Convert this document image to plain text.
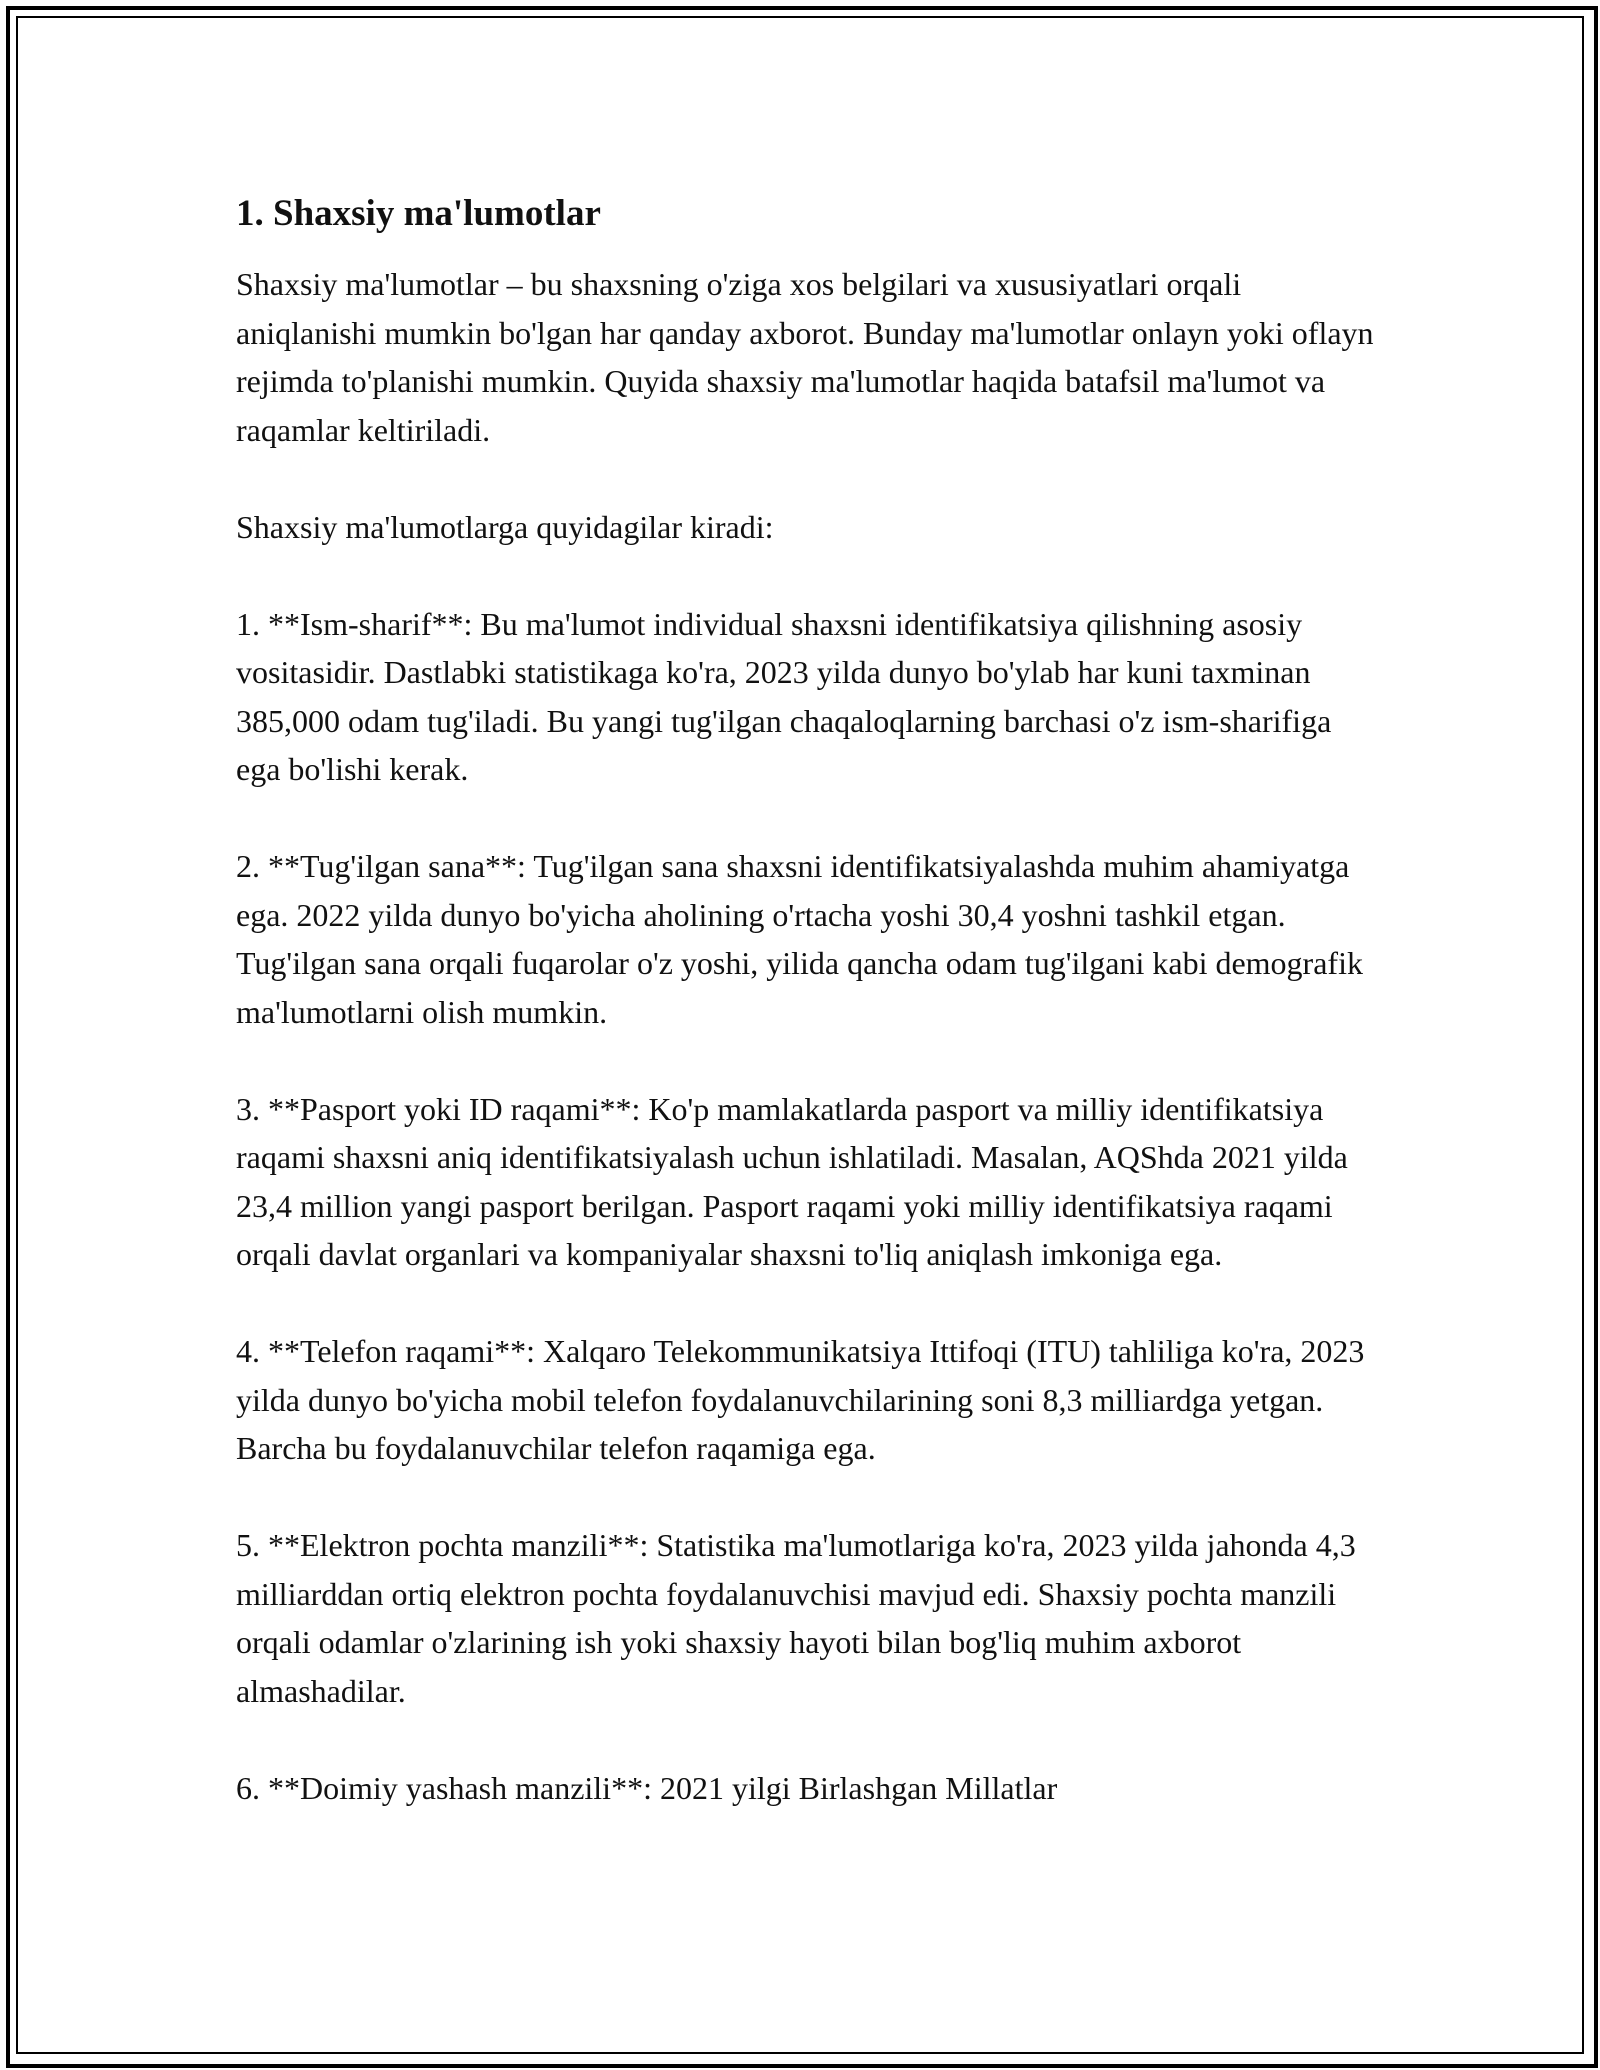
1. Shaxsiy ma'lumotlar

Shaxsiy ma'lumotlar – bu shaxsning o'ziga xos belgilari va xususiyatlari orqali aniqlanishi mumkin bo'lgan har qanday axborot. Bunday ma'lumotlar onlayn yoki oflayn rejimda to'planishi mumkin. Quyida shaxsiy ma'lumotlar haqida batafsil ma'lumot va raqamlar keltiriladi.

Shaxsiy ma'lumotlarga quyidagilar kiradi:

1. **Ism-sharif**: Bu ma'lumot individual shaxsni identifikatsiya qilishning asosiy vositasidir. Dastlabki statistikaga ko'ra, 2023 yilda dunyo bo'ylab har kuni taxminan 385,000 odam tug'iladi. Bu yangi tug'ilgan chaqaloqlarning barchasi o'z ism-sharifiga ega bo'lishi kerak.

2. **Tug'ilgan sana**: Tug'ilgan sana shaxsni identifikatsiyalashda muhim ahamiyatga ega. 2022 yilda dunyo bo'yicha aholining o'rtacha yoshi 30,4 yoshni tashkil etgan. Tug'ilgan sana orqali fuqarolar o'z yoshi, yilida qancha odam tug'ilgani kabi demografik ma'lumotlarni olish mumkin.

3. **Pasport yoki ID raqami**: Ko'p mamlakatlarda pasport va milliy identifikatsiya raqami shaxsni aniq identifikatsiyalash uchun ishlatiladi. Masalan, AQShda 2021 yilda 23,4 million yangi pasport berilgan. Pasport raqami yoki milliy identifikatsiya raqami orqali davlat organlari va kompaniyalar shaxsni to'liq aniqlash imkoniga ega.

4. **Telefon raqami**: Xalqaro Telekommunikatsiya Ittifoqi (ITU) tahliliga ko'ra, 2023 yilda dunyo bo'yicha mobil telefon foydalanuvchilarining soni 8,3 milliardga yetgan. Barcha bu foydalanuvchilar telefon raqamiga ega.

5. **Elektron pochta manzili**: Statistika ma'lumotlariga ko'ra, 2023 yilda jahonda 4,3 milliarddan ortiq elektron pochta foydalanuvchisi mavjud edi. Shaxsiy pochta manzili orqali odamlar o'zlarining ish yoki shaxsiy hayoti bilan bog'liq muhim axborot almashadilar.

6. **Doimiy yashash manzili**: 2021 yilgi Birlashgan Millatlar
